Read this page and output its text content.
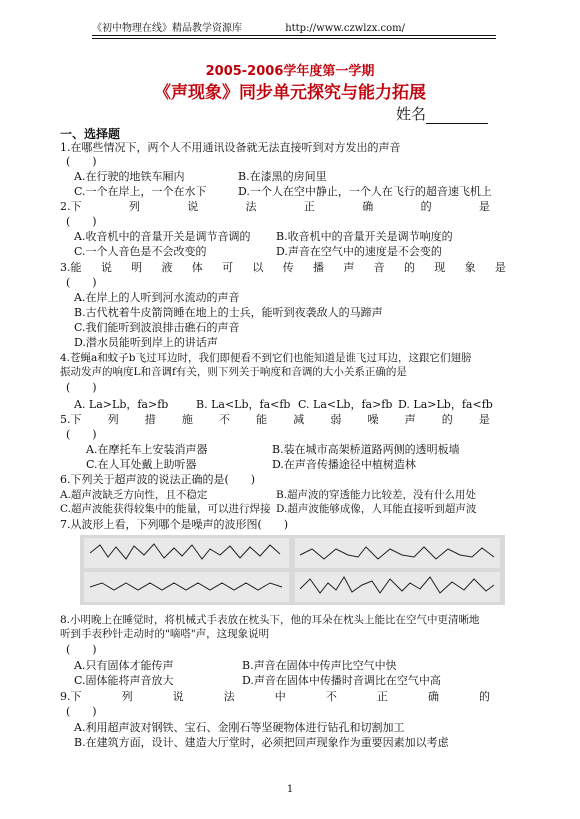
《初中物理在线》精品教学资源库	http://www.czwlzx.com/
2005-2006学年度第一学期
《声现象》同步单元探究与能力拓展
姓名
一、选择题
1.在哪些情况下，两个人不用通讯设备就无法直接听到对方发出的声音
(　　)
A.在行驶的地铁车厢内	B.在漆黑的房间里
C.一个在岸上，一个在水下	D.一个人在空中静止，一个人在飞行的超音速飞机上
2.下	列	说	法	正	确	的	是
(　　)
A.收音机中的音量开关是调节音调的 B.收音机中的音量开关是调节响度的
C.一个人音色是不会改变的	D.声音在空气中的速度是不会变的
3.能 说 明 液 体 可 以 传 播 声 音 的 现 象 是
(　　)
A.在岸上的人听到河水流动的声音
B.古代枕着牛皮箭筒睡在地上的士兵，能听到夜袭敌人的马蹄声
C.我们能听到波浪排击礁石的声音
D.潜水员能听到岸上的讲话声
4.苍蝇a和蚊子b飞过耳边时，我们即便看不到它们也能知道是谁飞过耳边，这跟它们翅膀
振动发声的响度L和音调f有关，则下列关于响度和音调的大小关系正确的是
(　　)
A. La>Lb，fa>fb	B. La<Lb，fa<fb C. La<Lb，fa>fb D. La>Lb，fa<fb
5.下 列 措 施 不 能 减 弱 噪 声 的 是
(　　)
A.在摩托车上安装消声器	B.装在城市高架桥道路两侧的透明板墙
C.在人耳处戴上助听器	D.在声音传播途径中植树造林
6.下列关于超声波的说法正确的是(　　)
A.超声波缺乏方向性，且不稳定	B.超声波的穿透能力比较差，没有什么用处
C.超声波能获得较集中的能量，可以进行焊接 D.超声波能够成像，人耳能直接听到超声波
7.从波形上看，下列哪个是噪声的波形图(　　)
8.小明晚上在睡觉时，将机械式手表放在枕头下，他的耳朵在枕头上能比在空气中更清晰地
听到手表秒针走动时的"嘀嗒"声，这现象说明
(　　)
A.只有固体才能传声	B.声音在固体中传声比空气中快
C.固体能将声音放大	D.声音在固体中传播时音调比在空气中高
9.下	列	说	法	中	不	正	确	的
(　　)
A.利用超声波对钢铁、宝石、金刚石等坚硬物体进行钻孔和切割加工
B.在建筑方面，设计、建造大厅堂时，必须把回声现象作为重要因素加以考虑
1
